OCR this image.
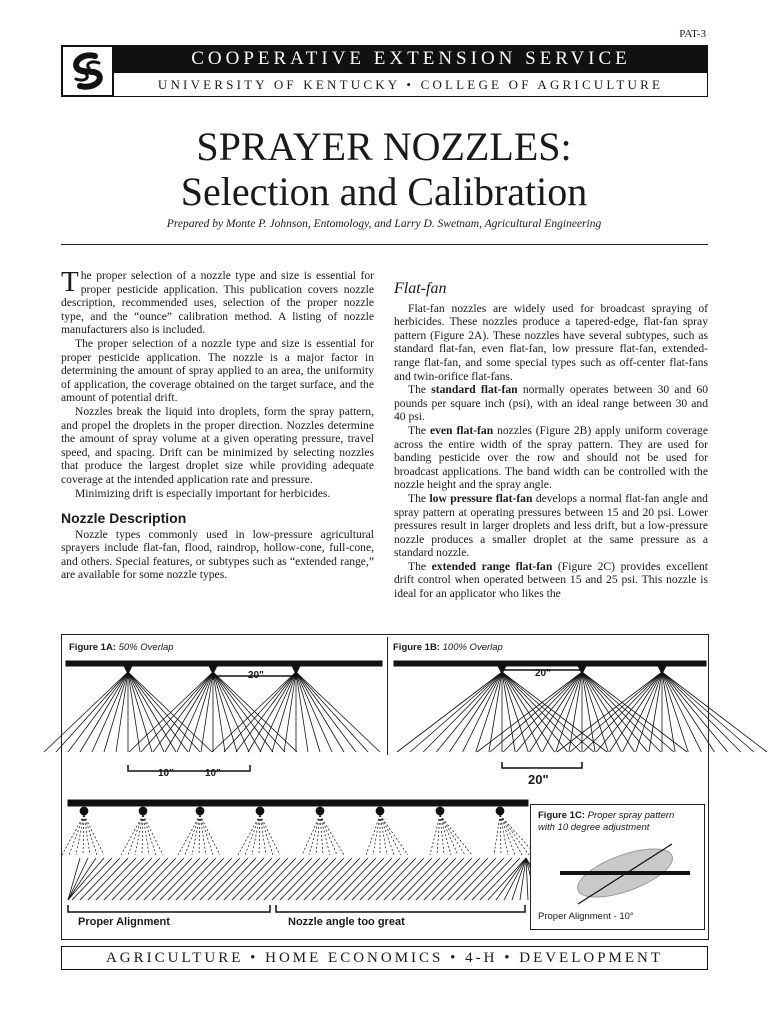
PAT-3
COOPERATIVE EXTENSION SERVICE
UNIVERSITY OF KENTUCKY • COLLEGE OF AGRICULTURE
SPRAYER NOZZLES:
Selection and Calibration
Prepared by Monte P. Johnson, Entomology, and Larry D. Swetnam, Agricultural Engineering

The proper selection of a nozzle type and size is essential for proper pesticide application. This publication covers nozzle description, recommended uses, selection of the proper nozzle type, and the “ounce” calibration method. A listing of nozzle manufacturers also is included.

The proper selection of a nozzle type and size is essential for proper pesticide application. The nozzle is a major factor in determining the amount of spray applied to an area, the uniformity of application, the coverage obtained on the target surface, and the amount of potential drift.

Nozzles break the liquid into droplets, form the spray pattern, and propel the droplets in the proper direction. Nozzles determine the amount of spray volume at a given operating pressure, travel speed, and spacing. Drift can be minimized by selecting nozzles that produce the largest droplet size while providing adequate coverage at the intended application rate and pressure.

Minimizing drift is especially important for herbicides.

Nozzle Description

Nozzle types commonly used in low-pressure agricultural sprayers include flat-fan, flood, raindrop, hollow-cone, full-cone, and others. Special features, or subtypes such as “extended range,” are available for some nozzle types.

Flat-fan

Flat-fan nozzles are widely used for broadcast spraying of herbicides. These nozzles produce a tapered-edge, flat-fan spray pattern (Figure 2A). These nozzles have several subtypes, such as standard flat-fan, even flat-fan, low pressure flat-fan, extended-range flat-fan, and some special types such as off-center flat-fans and twin-orifice flat-fans.

The standard flat-fan normally operates between 30 and 60 pounds per square inch (psi), with an ideal range between 30 and 40 psi.

The even flat-fan nozzles (Figure 2B) apply uniform coverage across the entire width of the spray pattern. They are used for banding pesticide over the row and should not be used for broadcast applications. The band width can be controlled with the nozzle height and the spray angle.

The low pressure flat-fan develops a normal flat-fan angle and spray pattern at operating pressures between 15 and 20 psi. Lower pressures result in larger droplets and less drift, but a low-pressure nozzle produces a smaller droplet at the same pressure as a standard nozzle.

The extended range flat-fan (Figure 2C) provides excellent drift control when operated between 15 and 25 psi. This nozzle is ideal for an applicator who likes the

Figure 1A: 50% Overlap	Figure 1B: 100% Overlap
Figure 1C: Proper spray pattern
with 10 degree adjustment
20"	20"
20"
10"	10"
Proper Alignment	Nozzle angle too great	Proper Alignment - 10°
AGRICULTURE • HOME ECONOMICS • 4-H • DEVELOPMENT
